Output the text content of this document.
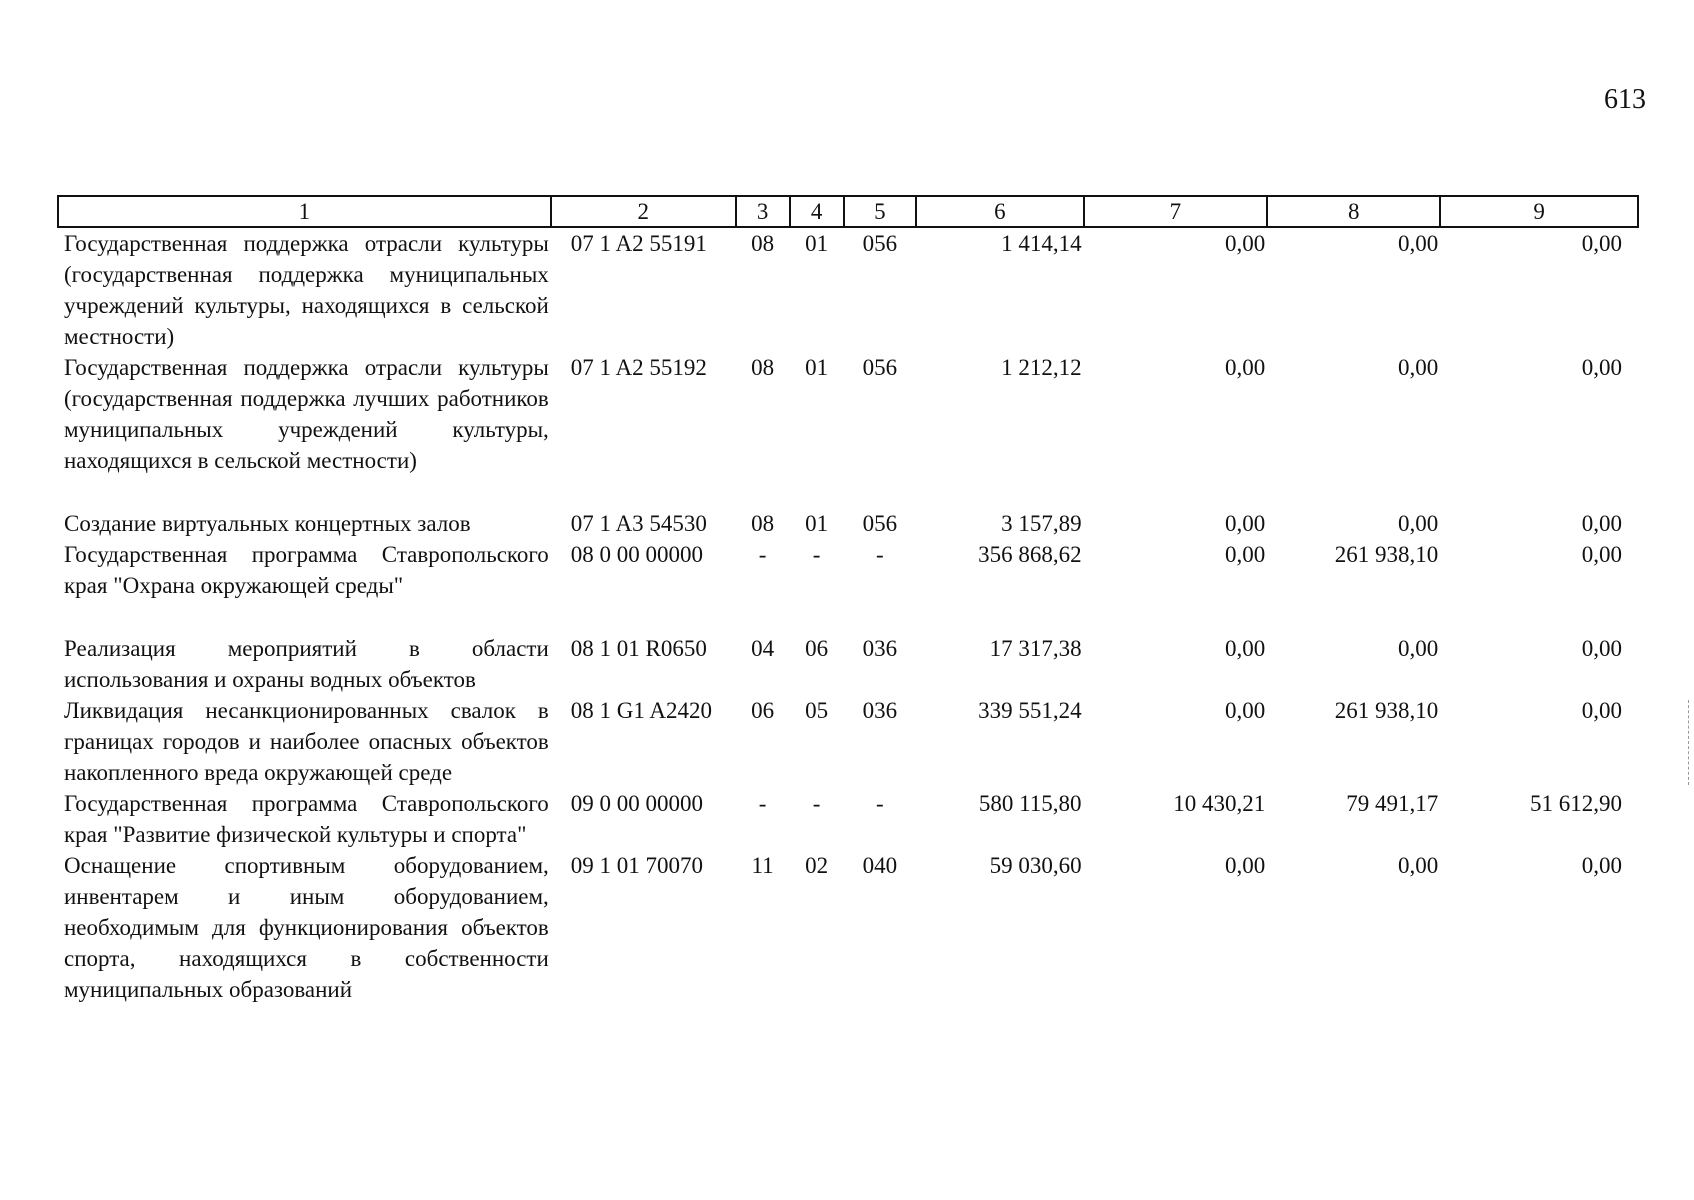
613
1	2	3	4	5	6	7	8	9
Государственная поддержка отрасли культуры (государственная поддержка муниципальных учреждений культуры, находящихся в сельской местности)	07 1 A2 55191	08	01	056	1 414,14	0,00	0,00	0,00
Государственная поддержка отрасли культуры (государственная поддержка лучших работников муниципальных учреждений культуры, находящихся в сельской местности)	07 1 A2 55192	08	01	056	1 212,12	0,00	0,00	0,00
Создание виртуальных концертных залов	07 1 A3 54530	08	01	056	3 157,89	0,00	0,00	0,00
Государственная программа Ставропольского края "Охрана окружающей среды"	08 0 00 00000	-	-	-	356 868,62	0,00	261 938,10	0,00
Реализация мероприятий в области использования и охраны водных объектов	08 1 01 R0650	04	06	036	17 317,38	0,00	0,00	0,00
Ликвидация несанкционированных свалок в границах городов и наиболее опасных объектов накопленного вреда окружающей среде	08 1 G1 A2420	06	05	036	339 551,24	0,00	261 938,10	0,00
Государственная программа Ставропольского края "Развитие физической культуры и спорта"	09 0 00 00000	-	-	-	580 115,80	10 430,21	79 491,17	51 612,90
Оснащение спортивным оборудованием, инвентарем и иным оборудованием, необходимым для функционирования объектов спорта, находящихся в собственности муниципальных образований	09 1 01 70070	11	02	040	59 030,60	0,00	0,00	0,00
